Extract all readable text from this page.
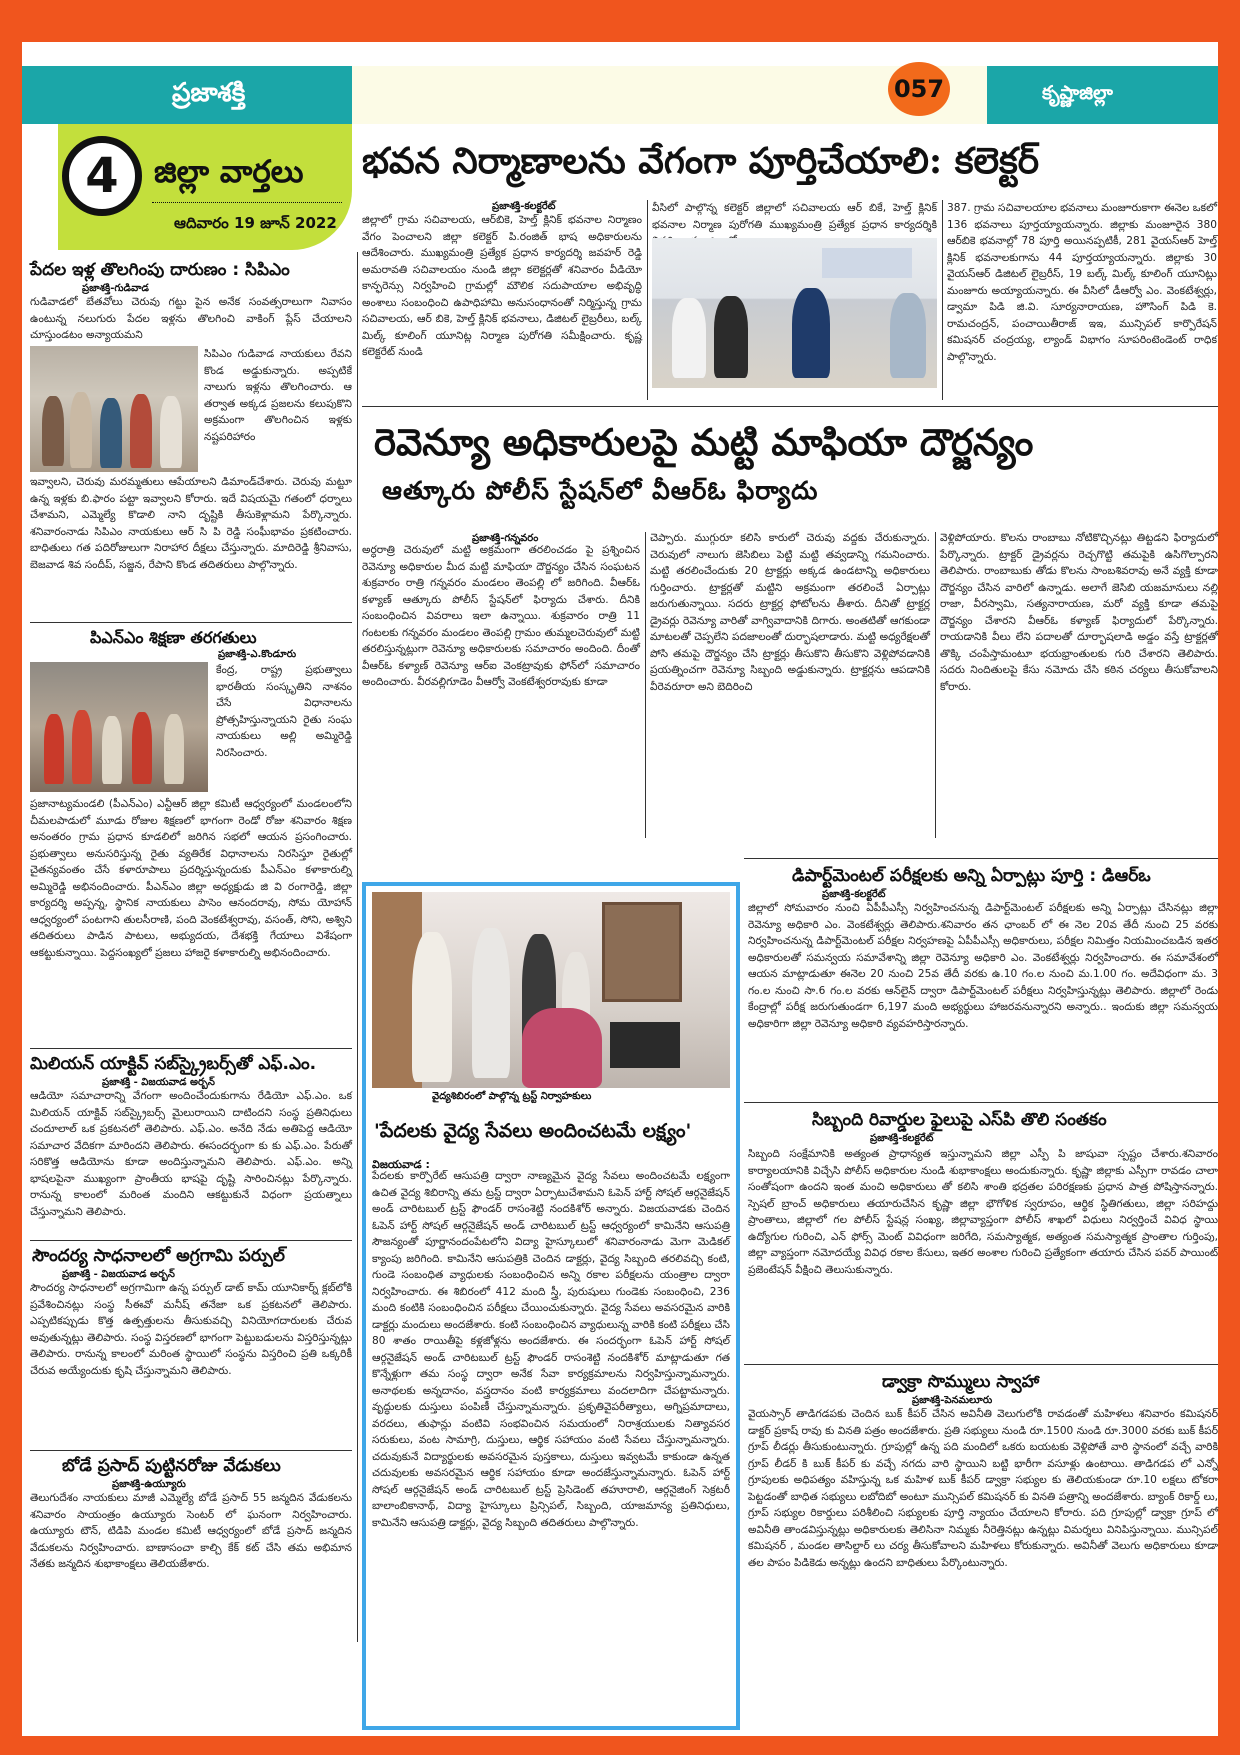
ప్రజాశక్తి	కృష్ణాజిల్లా
057
4	జిల్లా వార్తలు
ఆదివారం 19 జూన్ 2022
భవన నిర్మాణాలను వేగంగా పూర్తిచేయాలి: కలెక్టర్
ప్రజాశక్తి-కలక్టరేట్
జిల్లాలో గ్రామ సచివాలయ, ఆర్‌బికె, హెల్త్ క్లినిక్ భవనాల నిర్మాణం వేగం పెంచాలని జిల్లా కలెక్టర్ పి.రంజిత్ భాష అధికారులను ఆదేశించారు. ముఖ్యమంత్రి ప్రత్యేక ప్రధాన కార్యదర్శి జవహర్ రెడ్డి అమరావతి సచివాలయం నుండి జిల్లా కలెక్టర్లతో శనివారం వీడియో కాన్ఫరెన్సు నిర్వహించి గ్రామల్లో మౌలిక సదుపాయాల అభివృద్ధి అంశాలు సంబంధించి ఉపాధిహామి అనుసంధానంతో నిర్మిస్తున్న గ్రామ సచివాలయ, ఆర్ బికె, హెల్త్ క్లినిక్ భవనాలు, డిజిటల్ లైబ్రరీలు, బల్క్ మిల్క్ కూలింగ్ యూనిట్ల నిర్మాణ పురోగతి సమీక్షించారు. కృష్ణ కలెక్టరేట్ నుండి
వీసిలో పాల్గొన్న కలెక్టర్ జిల్లాలో సచివాలయ ఆర్ బికే, హెల్త్ క్లినిక్ భవనాల నిర్మాణ పురోగతి ముఖ్యమంత్రి ప్రత్యేక ప్రధాన కార్యదర్శికి
387. గ్రామ సచివాలయాల భవనాలు మంజూరుకాగా ఈనెల ఒకలో 136 భవనాలు పూర్తయ్యాయన్నారు. జిల్లాకు మంజూరైన 380 ఆర్‌బికె భవనాల్లో 78 పూర్తి అయినప్పటికీ, 281 వైయస్ఆర్ హెల్త్ క్లినిక్ భవనాలకుగాను 44 పూర్తయ్యాయన్నారు. జిల్లాకు 30 వైయస్ఆర్ డిజిటల్ లైబ్రరీస్, 19 బల్క్ మిల్క్ కూలింగ్ యూనిట్లు మంజూరు అయ్యాయన్నారు. ఈ వీసిలో డీఆర్వో ఎం. వెంకటేశ్వర్లు, డ్వామా పిడి జి.వి. సూర్యనారాయణ, హౌసింగ్ పిడి కె. రామచంద్రన్, పంచాయితీరాజ్ ఇఇ, మున్సిపల్ కార్పొరేషన్ కమిషనర్ చంద్రయ్య, ల్యాండ్ విభాగం సూపరింటెండెంట్ రాధిక పాల్గొన్నారు.
రెవెన్యూ అధికారులపై మట్టి మాఫియా దౌర్జన్యం
ఆత్కూరు పోలీస్ స్టేషన్‌లో వీఆర్‌ఓ ఫిర్యాదు
ప్రజాశక్తి-గన్నవరం
అర్ధరాత్రి చెరువులో మట్టి అక్రమంగా తరలించడం పై ప్రశ్నించిన రెవెన్యూ అధికారుల మీద మట్టి మాఫియా దౌర్జన్యం చేసిన సంఘటన శుక్రవారం రాత్రి గన్నవరం మండలం తెంపల్లి లో జరిగింది. వీఆర్‌ఓ కళ్యాణ్ ఆత్కూరు పోలీస్ స్టేషన్‌లో ఫిర్యాదు చేశారు. దీనికి సంబంధించిన వివరాలు ఇలా ఉన్నాయి. శుక్రవారం రాత్రి 11 గంటలకు గన్నవరం మండలం తెంపల్లి గ్రామం తుమ్మలచెరువులో మట్టి తరలిస్తున్నట్లుగా రెవెన్యూ అధికారులకు సమాచారం అందింది. దీంతో వీఆర్‌ఓ కళ్యాణ్ రెవెన్యూ ఆర్‌ఐ వెంకట్రావుకు ఫోన్‌లో సమాచారం అందించారు. వీరవల్లిగూడెం వీఆర్వో వెంకటేశ్వరరావుకు కూడా
చెప్పారు. ముగ్గురూ కలిసి కారులో చెరువు వద్దకు చేరుకున్నారు. చెరువులో నాలుగు జెసిబిలు పెట్టి మట్టి తవ్వడాన్ని గమనించారు. మట్టి తరలించేందుకు 20 ట్రాక్టర్లు అక్కడ ఉండటాన్ని అధికారులు గుర్తించారు. ట్రాక్టర్లతో మట్టిని అక్రమంగా తరలించే ఏర్పాట్లు జరుగుతున్నాయి. సదరు ట్రాక్టర్ల ఫోటోలను తీశారు. దీనితో ట్రాక్టర్ల డ్రైవర్లు రెవెన్యూ వారితో వాగ్వివాదానికి దిగారు. అంతటితో ఆగకుండా మాటలతో చెప్పలేని పదజాలంతో దుర్భాషలాడారు. మట్టి అధ్యరేక్షలతో పోసి తమపై దౌర్జన్యం చేసి ట్రాక్టర్లు తీసుకొని తీసుకొని వెళ్లిపోవడానికి ప్రయత్నించగా రెవెన్యూ సిబ్బంది అడ్డుకున్నారు. ట్రాక్టర్లను ఆపడానికి వీరెవరూరా అని బెదిరించి
వెళ్లిపోయారు. కొలను రాంబాబు నోటికొచ్చినట్లు తిట్టడని ఫిర్యాదులో పేర్కొన్నారు. ట్రాక్టర్ డ్రైవర్లను రెచ్చగొట్టి తమపైకి ఉసిగొల్పారని తెలిపారు. రాంబాబుకు తోడు కొలను సాంబశివరావు అనే వ్యక్తి కూడా దౌర్జన్యం చేసిన వారిలో ఉన్నాడు. అలాగే జెసిబి యజమానులు నల్లి రాజా, వీరస్వామి, సత్యనారాయణ, మరో వ్యక్తి కూడా తమపై దౌర్జన్యం చేశారని వీఆర్‌ఓ కళ్యాణ్ ఫిర్యాదులో పేర్కొన్నారు. రాయడానికి వీలు లేని పదాలతో దూర్భాషలాడి అడ్డం వస్తే ట్రాక్టర్లతో తొక్కి చంపేస్తామంటూ భయభ్రాంతులకు గురి చేశారని తెలిపారు. సదరు నిందితులపై కేసు నమోదు చేసి కఠిన చర్యలు తీసుకోవాలని కోరారు.
పేదల ఇళ్ల తొలగింపు దారుణం : సిపిఎం
ప్రజాశక్తి-గుడివాడ
గుడివాడలో బేతవోలు చెరువు గట్టు పైన అనేక సంవత్సరాలుగా నివాసం ఉంటున్న నలుగురు పేదల ఇళ్లను తొలగించి వాకింగ్ ప్లేస్ చేయాలని చూస్తుండటం అన్యాయమని
సిపిఎం గుడివాడ నాయకులు రేవని కొండ అడ్డుకున్నారు. అప్పటికే నాలుగు ఇళ్లను తొలగించారు. ఆ తర్వాత అక్కడ ప్రజలను కలుపుకొని అక్రమంగా తొలగించిన ఇళ్లకు నష్టపరిహారం
ఇవ్వాలని, చెరువు మరమ్మతులు ఆపేయాలని డిమాండ్‌చేశారు. చెరువు మట్టూ ఉన్న ఇళ్లకు బి.ఫారం పట్టా ఇవ్వాలని కోరారు. ఇదే విషయమై గతంలో ధర్నాలు చేశామని, ఎమ్మెల్యే కొడాలి నాని దృష్టికి తీసుకెళ్లామని పేర్కొన్నారు. శనివారంనాడు సిపిఎం నాయకులు ఆర్ సి పి రెడ్డి సంఘీభావం ప్రకటించారు. బాధితులు గత పదిరోజులుగా నిరాహార దీక్షలు చేస్తున్నారు. మాదిరెడ్డి శ్రీనివాసు, బెజవాడ శివ సందీప్, సజ్జన, రేపాని కొండ తదితరులు పాల్గొన్నారు.
పిఎన్ఎం శిక్షణా తరగతులు
ప్రజాశక్తి-ఎ.కొండూరు
కేంద్ర, రాష్ట్ర ప్రభుత్వాలు భారతీయ సంస్కృతిని నాశనం చేసే విధానాలను ప్రోత్సహిస్తున్నాయని రైతు సంఘ నాయకులు అల్లి అమ్మిరెడ్డి నిరసించారు.
ప్రజానాట్యమండలి (పీఎన్ఎం) ఎన్టీఆర్ జిల్లా కమిటీ ఆధ్వర్యంలో మండలంలోని చీమలపాడులో మూడు రోజుల శిక్షణలో భాగంగా రెండో రోజు శనివారం శిక్షణ అనంతరం గ్రామ ప్రధాన కూడలిలో జరిగిన సభలో ఆయన ప్రసంగించారు. ప్రభుత్వాలు అనుసరిస్తున్న రైతు వ్యతిరేక విధానాలను నిరసిస్తూ రైతుల్లో చైతన్యవంతం చేసే కళారూపాలు ప్రదర్శిస్తున్నందుకు పీఎన్ఎం కళాకారుల్ని అమ్మిరెడ్డి అభినందించారు. పీఎన్ఎం జిల్లా అధ్యక్షుడు జి వి రంగారెడ్డి, జిల్లా కార్యదర్శి అప్పన్న, స్థానిక నాయకులు పాసెం ఆనందరావు, సోమ యోహాన్ ఆధ్వర్యంలో పంటగాని తులసీరాణి, పంది వెంకటేశ్వరావు, వసంత్, సోని, అశ్విని తదితరులు పాడిన పాటలు, అభ్యుదయ, దేశభక్తి గేయాలు విశేషంగా ఆకట్టుకున్నాయి. పెద్దసంఖ్యలో ప్రజలు హాజరై కళాకారుల్ని అభినందించారు.
మిలియన్ యాక్టివ్ సబ్‌స్క్రైబర్స్‌తో ఎఫ్.ఎం.
ప్రజాశక్తి - విజయవాడ అర్బన్
ఆడియో సమాచారాన్ని వేగంగా అందించేందుకుగాను రేడియో ఎఫ్.ఎం. ఒక మిలియన్ యాక్టివ్ సబ్‌స్క్రైబర్స్ మైలురాయిని దాటిందని సంస్థ ప్రతినిధులు చందూలాల్ ఒక ప్రకటనలో తెలిపారు. ఎఫ్.ఎం. అనేది నేడు అతిపెద్ద ఆడియో సమాచార వేదికగా మారిందని తెలిపారు. ఈసందర్భంగా కు కు ఎఫ్.ఎం. పేరుతో సరికొత్త ఆడియోను కూడా అందిస్తున్నామని తెలిపారు. ఎఫ్.ఎం. అన్ని భాషలపైనా ముఖ్యంగా ప్రాంతీయ భాషపై దృష్టి సారించినట్లు పేర్కొన్నారు. రానున్న కాలంలో మరింత మందిని ఆకట్టుకునే విధంగా ప్రయత్నాలు చేస్తున్నామని తెలిపారు.
సౌందర్య సాధనాలలో అగ్రగామి పర్పుల్
ప్రజాశక్తి - విజయవాడ అర్బన్
సౌందర్య సాధనాలలో అగ్రగామిగా ఉన్న పర్పుల్ డాట్ కామ్ యూనికార్న్ క్లబ్‌లోకి ప్రవేశించినట్లు సంస్థ సీఈవో మనీష్ తనేజా ఒక ప్రకటనలో తెలిపారు. ఎప్పటికప్పుడు కొత్త ఉత్పత్తులను తీసుకువచ్చి వినియోగదారులకు చేరువ అవుతున్నట్లు తెలిపారు. సంస్థ విస్తరణలో భాగంగా పెట్టుబడులను విస్తరిస్తున్నట్లు తెలిపారు. రానున్న కాలంలో మరింత స్థాయిలో సంస్థను విస్తరించి ప్రతి ఒక్కరికీ చేరువ అయ్యేందుకు కృషి చేస్తున్నామని తెలిపారు.
బోడే ప్రసాద్ పుట్టినరోజు వేడుకలు
ప్రజాశక్తి-ఉయ్యూరు
తెలుగుదేశం నాయకులు మాజీ ఎమ్మెల్యే బోడే ప్రసాద్ 55 జన్మదిన వేడుకలను శనివారం సాయంత్రం ఉయ్యూరు సెంటర్ లో ఘనంగా నిర్వహించారు. ఉయ్యూరు టౌన్, టిడిపి మండల కమిటీ ఆధ్వర్యంలో బోడే ప్రసాద్ జన్మదిన వేడుకలను నిర్వహించారు. బాణాసంచా కాల్చి కేక్ కట్ చేసి తమ అభిమాన నేతకు జన్మదిన శుభాకాంక్షలు తెలియజేశారు.
వైద్యశిబిరంలో పాల్గొన్న ట్రస్ట్ నిర్వాహకులు
'పేదలకు వైద్య సేవలు అందించటమే లక్ష్యం'
విజయవాడ :
పేదలకు కార్పొరేట్ ఆసుపత్రి ద్వారా నాణ్యమైన వైద్య సేవలు అందించటమే లక్ష్యంగా ఉచిత వైద్య శిబిరాన్ని తమ ట్రస్ట్ ద్వారా ఏర్పాటుచేశామని ఓపెన్ హార్ట్ సోషల్ ఆర్గనైజేషన్ అండ్ చారిటబుల్ ట్రస్ట్ ఫౌండర్ రాసంశెట్టి నందకిశోర్ అన్నారు. విజయవాడకు చెందిన ఓపెన్ హార్ట్ సోషల్ ఆర్గనైజేషన్ అండ్ చారిటబుల్ ట్రస్ట్ ఆధ్వర్యంలో కామినేని ఆసుపత్రి సౌజన్యంతో పూర్ణానందంపేటలోని విద్యా హైస్కూలులో శనివారంనాడు మెగా మెడికల్ క్యాంపు జరిగింది. కామినేని ఆసుపత్రికి చెందిన డాక్టర్లు, వైద్య సిబ్బంది తరలివచ్చి కంటి, గుండె సంబంధిత వ్యాధులకు సంబంధించిన అన్ని రకాల పరీక్షలను యంత్రాల ద్వారా నిర్వహించారు. ఈ శిబిరంలో 412 మంది స్త్రీ, పురుషులు గుండెకు సంబంధించి, 236 మంది కంటికి సంబంధించిన పరీక్షలు చేయించుకున్నారు. వైద్య సేవలు అవసరమైన వారికి డాక్టర్లు మందులు అందజేశారు. కంటి సంబంధించిన వ్యాధులున్న వారికి కంటి పరీక్షలు చేసి 80 శాతం రాయితీపై కళ్లజోళ్లను అందజేశారు. ఈ సందర్భంగా ఓపెన్ హార్ట్ సోషల్ ఆర్గనైజేషన్ అండ్ చారిటబుల్ ట్రస్ట్ ఫౌండర్ రాసంశెట్టి నందకిశోర్ మాట్లాడుతూ గత కొన్నేళ్లుగా తమ సంస్థ ద్వారా అనేక సేవా కార్యక్రమాలను నిర్వహిస్తున్నామన్నారు. అనాథలకు అన్నదానం, వస్త్రదానం వంటి కార్యక్రమాలు వందలాదిగా చేపట్టామన్నారు. వృద్ధులకు దుస్తులు పంపిణీ చేస్తున్నామన్నారు. ప్రకృతివైపరీత్యాలు, అగ్నిప్రమాదాలు, వరదలు, తుఫాన్లు వంటివి సంభవించిన సమయంలో నిరాశ్రయులకు నిత్యావసర సరుకులు, వంట సామాగ్రి, దుస్తులు, ఆర్థిక సహాయం వంటి సేవలు చేస్తున్నామన్నారు. చదువుకునే విద్యార్థులకు అవసరమైన పుస్తకాలు, దుస్తులు ఇవ్వటమే కాకుండా ఉన్నత చదువులకు అవసరమైన ఆర్థిక సహాయం కూడా అందజేస్తున్నామన్నారు. ఓపెన్ హార్ట్ సోషల్ ఆర్గనైజేషన్ అండ్ చారిటబుల్ ట్రస్ట్ ప్రెసిడెంట్ తహూరాలి, ఆర్గనైజింగ్ సెక్రటరీ బాలాంబికానాథ్, విద్యా హైస్కూలు ప్రిన్సిపల్, సిబ్బంది, యాజమాన్య ప్రతినిధులు, కామినేని ఆసుపత్రి డాక్టర్లు, వైద్య సిబ్బంది తదితరులు పాల్గొన్నారు.
డిపార్ట్‌మెంటల్ పరీక్షలకు అన్ని ఏర్పాట్లు పూర్తి : డిఆర్‌ఒ
ప్రజాశక్తి-కలక్టరేట్
జిల్లాలో సోమవారం నుంచి ఏపీపీఎస్సీ నిర్వహించనున్న డిపార్ట్‌మెంటల్ పరీక్షలకు అన్ని ఏర్పాట్లు చేసినట్లు జిల్లా రెవెన్యూ అధికారి ఎం. వెంకటేశ్వర్లు తెలిపారు.శనివారం తన ఛాంబర్ లో ఈ నెల 20వ తేదీ నుంచి 25 వరకు నిర్వహించనున్న డిపార్ట్‌మెంటల్ పరీక్షల నిర్వహణపై ఏపీపీఎస్సీ అధికారులు, పరీక్షల నిమిత్తం నియమించబడిన ఇతర అధికారులతో సమన్వయ సమావేశాన్ని జిల్లా రెవెన్యూ అధికారి ఎం. వెంకటేశ్వర్లు నిర్వహించారు. ఈ సమావేశంలో ఆయన మాట్లాడుతూ ఈనెల 20 నుంచి 25వ తేదీ వరకు ఉ.10 గం.ల నుంచి మ.1.00 గం. అదేవిధంగా మ. 3 గం.ల నుంచి సా.6 గం.ల వరకు ఆన్‌లైన్ ద్వారా డిపార్ట్‌మెంటల్ పరీక్షలు నిర్వహిస్తున్నట్లు తెలిపారు. జిల్లాలో రెండు కేంద్రాల్లో పరీక్ష జరుగుతుండగా 6,197 మంది అభ్యర్థులు హాజరవనున్నారని అన్నారు.. ఇందుకు జిల్లా సమన్వయ అధికారిగా జిల్లా రెవెన్యూ అధికారి వ్యవహరిస్తారన్నారు.
సిబ్బంది రివార్డుల ఫైలుపై ఎస్‌పి తొలి సంతకం
ప్రజాశక్తి-కలక్టరేట్
సిబ్బంది సంక్షేమానికి అత్యంత ప్రాధాన్యత ఇస్తున్నామని జిల్లా ఎస్పీ పి జాషువా స్పష్టం చేశారు.శనివారం కార్యాలయానికి విచ్చేసి పోలీస్ అధికారుల నుండి శుభాకాంక్షలు అందుకున్నారు. కృష్ణా జిల్లాకు ఎస్పీగా రావడం చాలా సంతోషంగా ఉందని ఇంత మంచి అధికారులు తో కలిసి శాంతి భద్రతల పరిరక్షణకు ప్రధాన పాత్ర పోషిస్తానన్నారు. స్పెషల్ బ్రాంచ్ అధికారులు తయారుచేసిన కృష్ణా జిల్లా భౌగోళిక స్వరూపం, ఆర్థిక స్థితిగతులు, జిల్లా సరిహద్దు ప్రాంతాలు, జిల్లాలో గల పోలీస్ స్టేషన్ల సంఖ్య, జిల్లావ్యాప్తంగా పోలీస్ శాఖలో విధులు నిర్వర్తించే వివిధ స్థాయి ఉద్యోగుల గురించి, ఎన్ ఫోర్స్ మెంట్ వివిధంగా జరిగేది, సమస్యాత్మక, అత్యంత సమస్యాత్మక ప్రాంతాల గుర్తింపు, జిల్లా వ్యాప్తంగా నమోదయ్యే వివిధ రకాల కేసులు, ఇతర అంశాల గురించి ప్రత్యేకంగా తయారు చేసిన పవర్ పాయింట్ ప్రజెంటేషన్ వీక్షించి తెలుసుకున్నారు.
డ్వాక్రా సొమ్ములు స్వాహా
ప్రజాశక్తి-పెనమలూరు
వైయస్సార్ తాడిగడపకు చెందిన బుక్ కీపర్ చేసిన అవినీతి వెలుగులోకి రావడంతో మహిళలు శనివారం కమిషనర్ డాక్టర్ ప్రకాష్ రావు కు వినతి పత్రం అందజేశారు. ప్రతి సభ్యులు నుండి రూ.1500 నుండి రూ.3000 వరకు బుక్ కీపర్ గ్రూప్ లీడర్లు తీసుకుంటున్నారు. గ్రూపుల్లో ఉన్న పది మందిలో ఒకరు బయటకు వెళ్లిపోతే వారి స్థానంలో వచ్చే వారికి గ్రూప్ లీడర్ కి బుక్ కీపర్ కు వచ్చే నగదు వారి స్థాయిని బట్టి భారీగా వసూళ్లు ఉంటాయి. తాడిగడప లో ఎన్నో గ్రూపులకు అధిపత్యం వహిస్తున్న ఒక మహిళ బుక్ కీపర్ డ్వాక్రా సభ్యుల కు తెలియకుండా రూ.10 లక్షలు టోకరా పెట్టడంతో బాధిత సభ్యులు లబోదిబో అంటూ మున్సిపల్ కమిషనర్ కు వినతి పత్రాన్ని అందజేశారు. బ్యాంక్ రికార్డ్ లు, గ్రూప్ సభ్యుల రికార్డులు పరిశీలించి సభ్యులకు పూర్తి న్యాయం చేయాలని కోరారు. పది గ్రూపుల్లో డ్వాక్రా గ్రూప్ లో అవినీతి తాండవిస్తున్నట్లు అధికారులకు తెలిసినా నిమ్మకు నీరెత్తినట్లు ఉన్నట్లు విమర్శలు వినిపిస్తున్నాయి. మున్సిపల్ కమిషనర్ , మండల తాసిల్దార్ లు చర్య తీసుకోవాలని మహిళలు కోరుకున్నారు. అవినీతో వెలుగు అధికారులు కూడా తల పాపం పిడికెడు అన్నట్లు ఉందని బాధితులు పేర్కొంటున్నారు.
